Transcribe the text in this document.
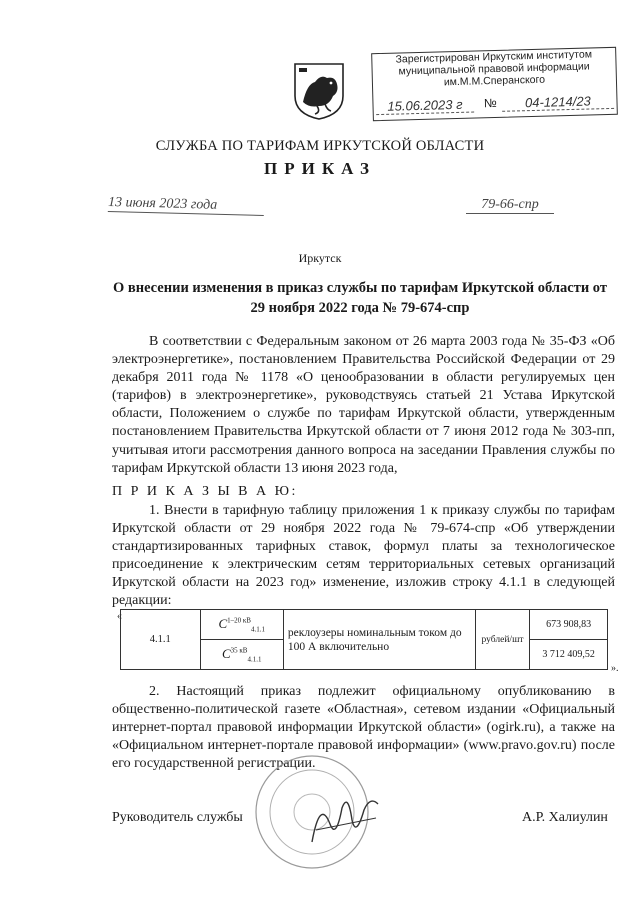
Зарегистрирован Иркутским институтом
муниципальной правовой информации
им.М.М.Сперанского
15.06.2023 г	№	04-1214/23
СЛУЖБА ПО ТАРИФАМ ИРКУТСКОЙ ОБЛАСТИ
ПРИКАЗ
13 июня 2023 года	79-66-спр
Иркутск
О внесении изменения в приказ службы по тарифам Иркутской области от 29 ноября 2022 года № 79-674-спр
В соответствии с Федеральным законом от 26 марта 2003 года № 35-ФЗ «Об электроэнергетике», постановлением Правительства Российской Федерации от 29 декабря 2011 года № 1178 «О ценообразовании в области регулируемых цен (тарифов) в электроэнергетике», руководствуясь статьей 21 Устава Иркутской области, Положением о службе по тарифам Иркутской области, утвержденным постановлением Правительства Иркутской области от 7 июня 2012 года № 303-пп, учитывая итоги рассмотрения данного вопроса на заседании Правления службы по тарифам Иркутской области 13 июня 2023 года,
П Р И К А З Ы В А Ю:
1. Внести в тарифную таблицу приложения 1 к приказу службы по тарифам Иркутской области от 29 ноября 2022 года № 79-674-спр «Об утверждении стандартизированных тарифных ставок, формул платы за технологическое присоединение к электрическим сетям территориальных сетевых организаций Иркутской области на 2023 год» изменение, изложив строку 4.1.1 в следующей редакции:
«
4.1.1	$C^{1-20 кВ}_{4.1.1}$	реклоузеры номинальным током до 100 А включительно	рублей/шт	673 908,83
	$C^{35 кВ}_{4.1.1}$			3 712 409,52
».
2. Настоящий приказ подлежит официальному опубликованию в общественно-политической газете «Областная», сетевом издании «Официальный интернет-портал правовой информации Иркутской области» (ogirk.ru), а также на «Официальном интернет-портале правовой информации» (www.pravo.gov.ru) после его государственной регистрации.
Руководитель службы	А.Р. Халиулин
